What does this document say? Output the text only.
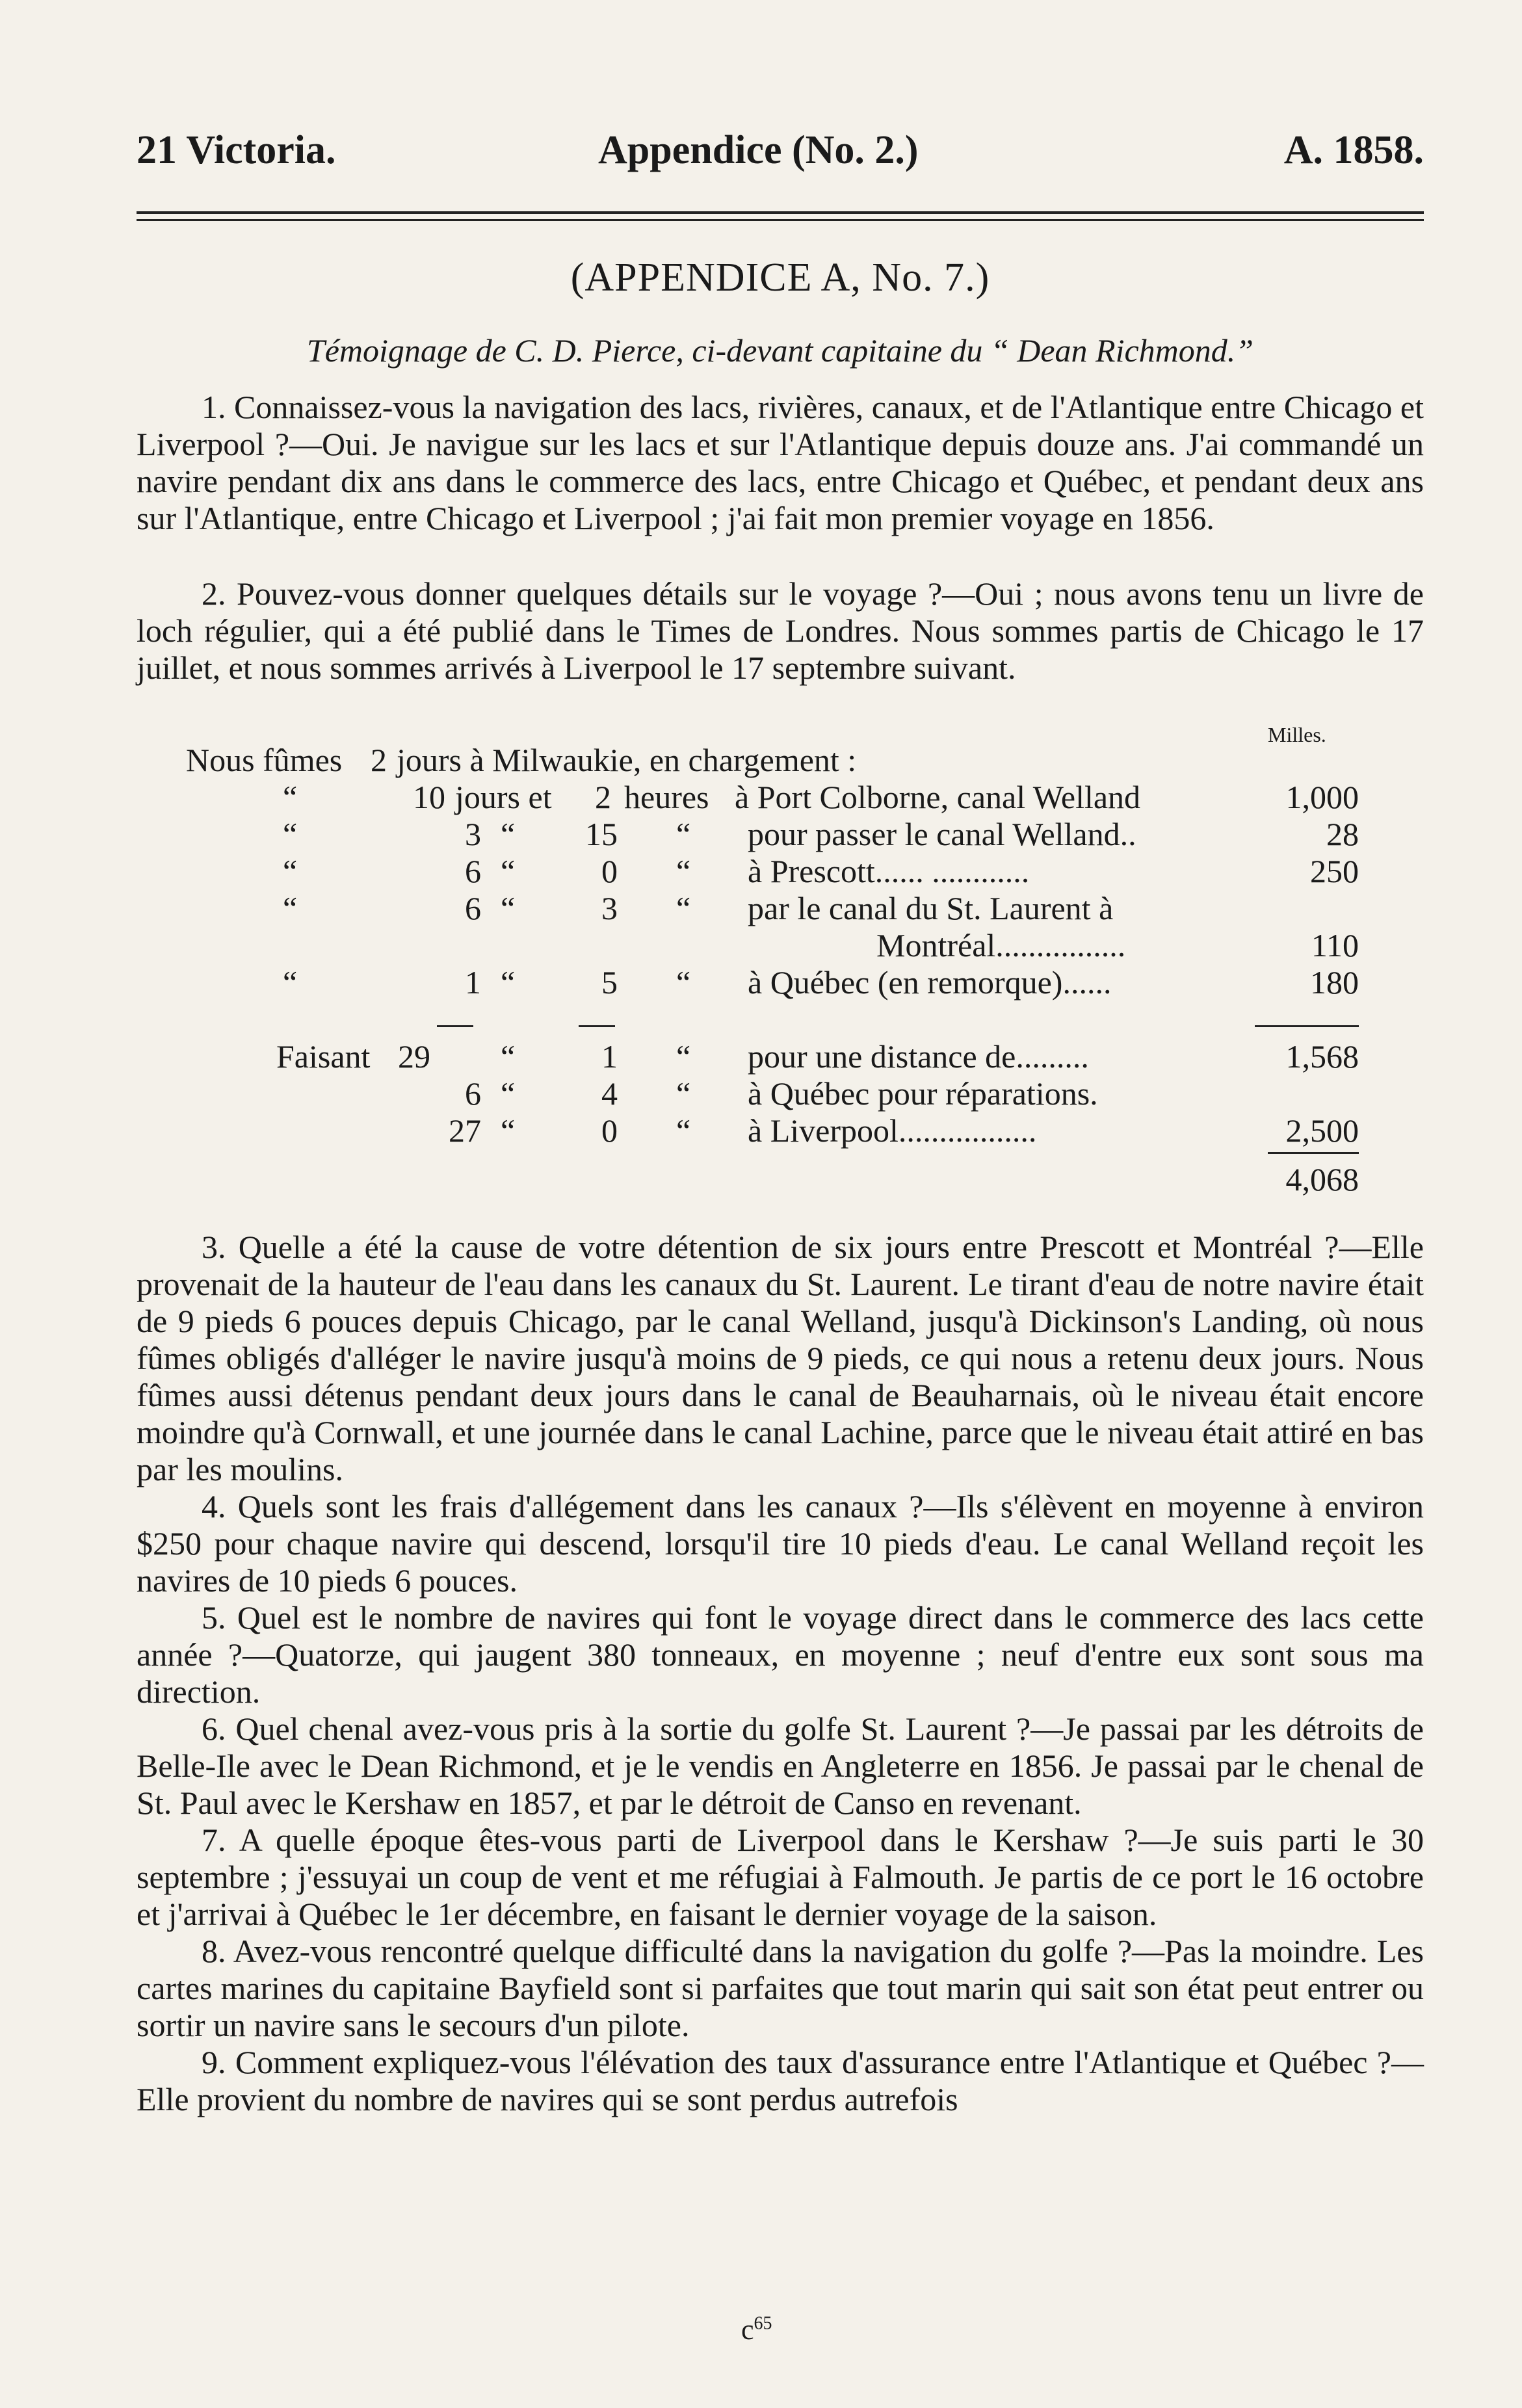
21 Victoria.	Appendice (No. 2.)	A. 1858.
(APPENDICE A, No. 7.)
Témoignage de C. D. Pierce, ci-devant capitaine du “ Dean Richmond.”

1. Connaissez-vous la navigation des lacs, rivières, canaux, et de l'Atlantique entre Chicago et Liverpool ?—Oui. Je navigue sur les lacs et sur l'Atlantique depuis douze ans. J'ai commandé un navire pendant dix ans dans le commerce des lacs, entre Chicago et Québec, et pendant deux ans sur l'Atlantique, entre Chicago et Liverpool ; j'ai fait mon premier voyage en 1856.

2. Pouvez-vous donner quelques détails sur le voyage ?—Oui ; nous avons tenu un livre de loch régulier, qui a été publié dans le Times de Londres. Nous sommes partis de Chicago le 17 juillet, et nous sommes arrivés à Liverpool le 17 septembre suivant.

Milles.
Nous fûmes 2 jours à Milwaukie, en chargement :
“	10 jours et 2 heures à Port Colborne, canal Welland	1,000
“	3 “	15 “ pour passer le canal Welland..	28
“	6 “	0 “ à Prescott...... ............	250
“	6 “	3 “ par le canal du St. Laurent à
Montréal................	110
“	1 “	5 “ à Québec (en remorque)......	180
Faisant 29 “	1 “ pour une distance de.........	1,568
6 “	4 “ à Québec pour réparations.
27 “	0 “ à Liverpool.................	2,500
4,068

3. Quelle a été la cause de votre détention de six jours entre Prescott et Montréal ?—Elle provenait de la hauteur de l'eau dans les canaux du St. Laurent. Le tirant d'eau de notre navire était de 9 pieds 6 pouces depuis Chicago, par le canal Welland, jusqu'à Dickinson's Landing, où nous fûmes obligés d'alléger le navire jusqu'à moins de 9 pieds, ce qui nous a retenu deux jours. Nous fûmes aussi détenus pendant deux jours dans le canal de Beauharnais, où le niveau était encore moindre qu'à Cornwall, et une journée dans le canal Lachine, parce que le niveau était attiré en bas par les moulins.

4. Quels sont les frais d'allégement dans les canaux ?—Ils s'élèvent en moyenne à environ $250 pour chaque navire qui descend, lorsqu'il tire 10 pieds d'eau. Le canal Welland reçoit les navires de 10 pieds 6 pouces.

5. Quel est le nombre de navires qui font le voyage direct dans le commerce des lacs cette année ?—Quatorze, qui jaugent 380 tonneaux, en moyenne ; neuf d'entre eux sont sous ma direction.

6. Quel chenal avez-vous pris à la sortie du golfe St. Laurent ?—Je passai par les détroits de Belle-Ile avec le Dean Richmond, et je le vendis en Angleterre en 1856. Je passai par le chenal de St. Paul avec le Kershaw en 1857, et par le détroit de Canso en revenant.

7. A quelle époque êtes-vous parti de Liverpool dans le Kershaw ?—Je suis parti le 30 septembre ; j'essuyai un coup de vent et me réfugiai à Falmouth. Je partis de ce port le 16 octobre et j'arrivai à Québec le 1er décembre, en faisant le dernier voyage de la saison.

8. Avez-vous rencontré quelque difficulté dans la navigation du golfe ?—Pas la moindre. Les cartes marines du capitaine Bayfield sont si parfaites que tout marin qui sait son état peut entrer ou sortir un navire sans le secours d'un pilote.

9. Comment expliquez-vous l'élévation des taux d'assurance entre l'Atlantique et Québec ?—Elle provient du nombre de navires qui se sont perdus autrefois

$c^{65}$
